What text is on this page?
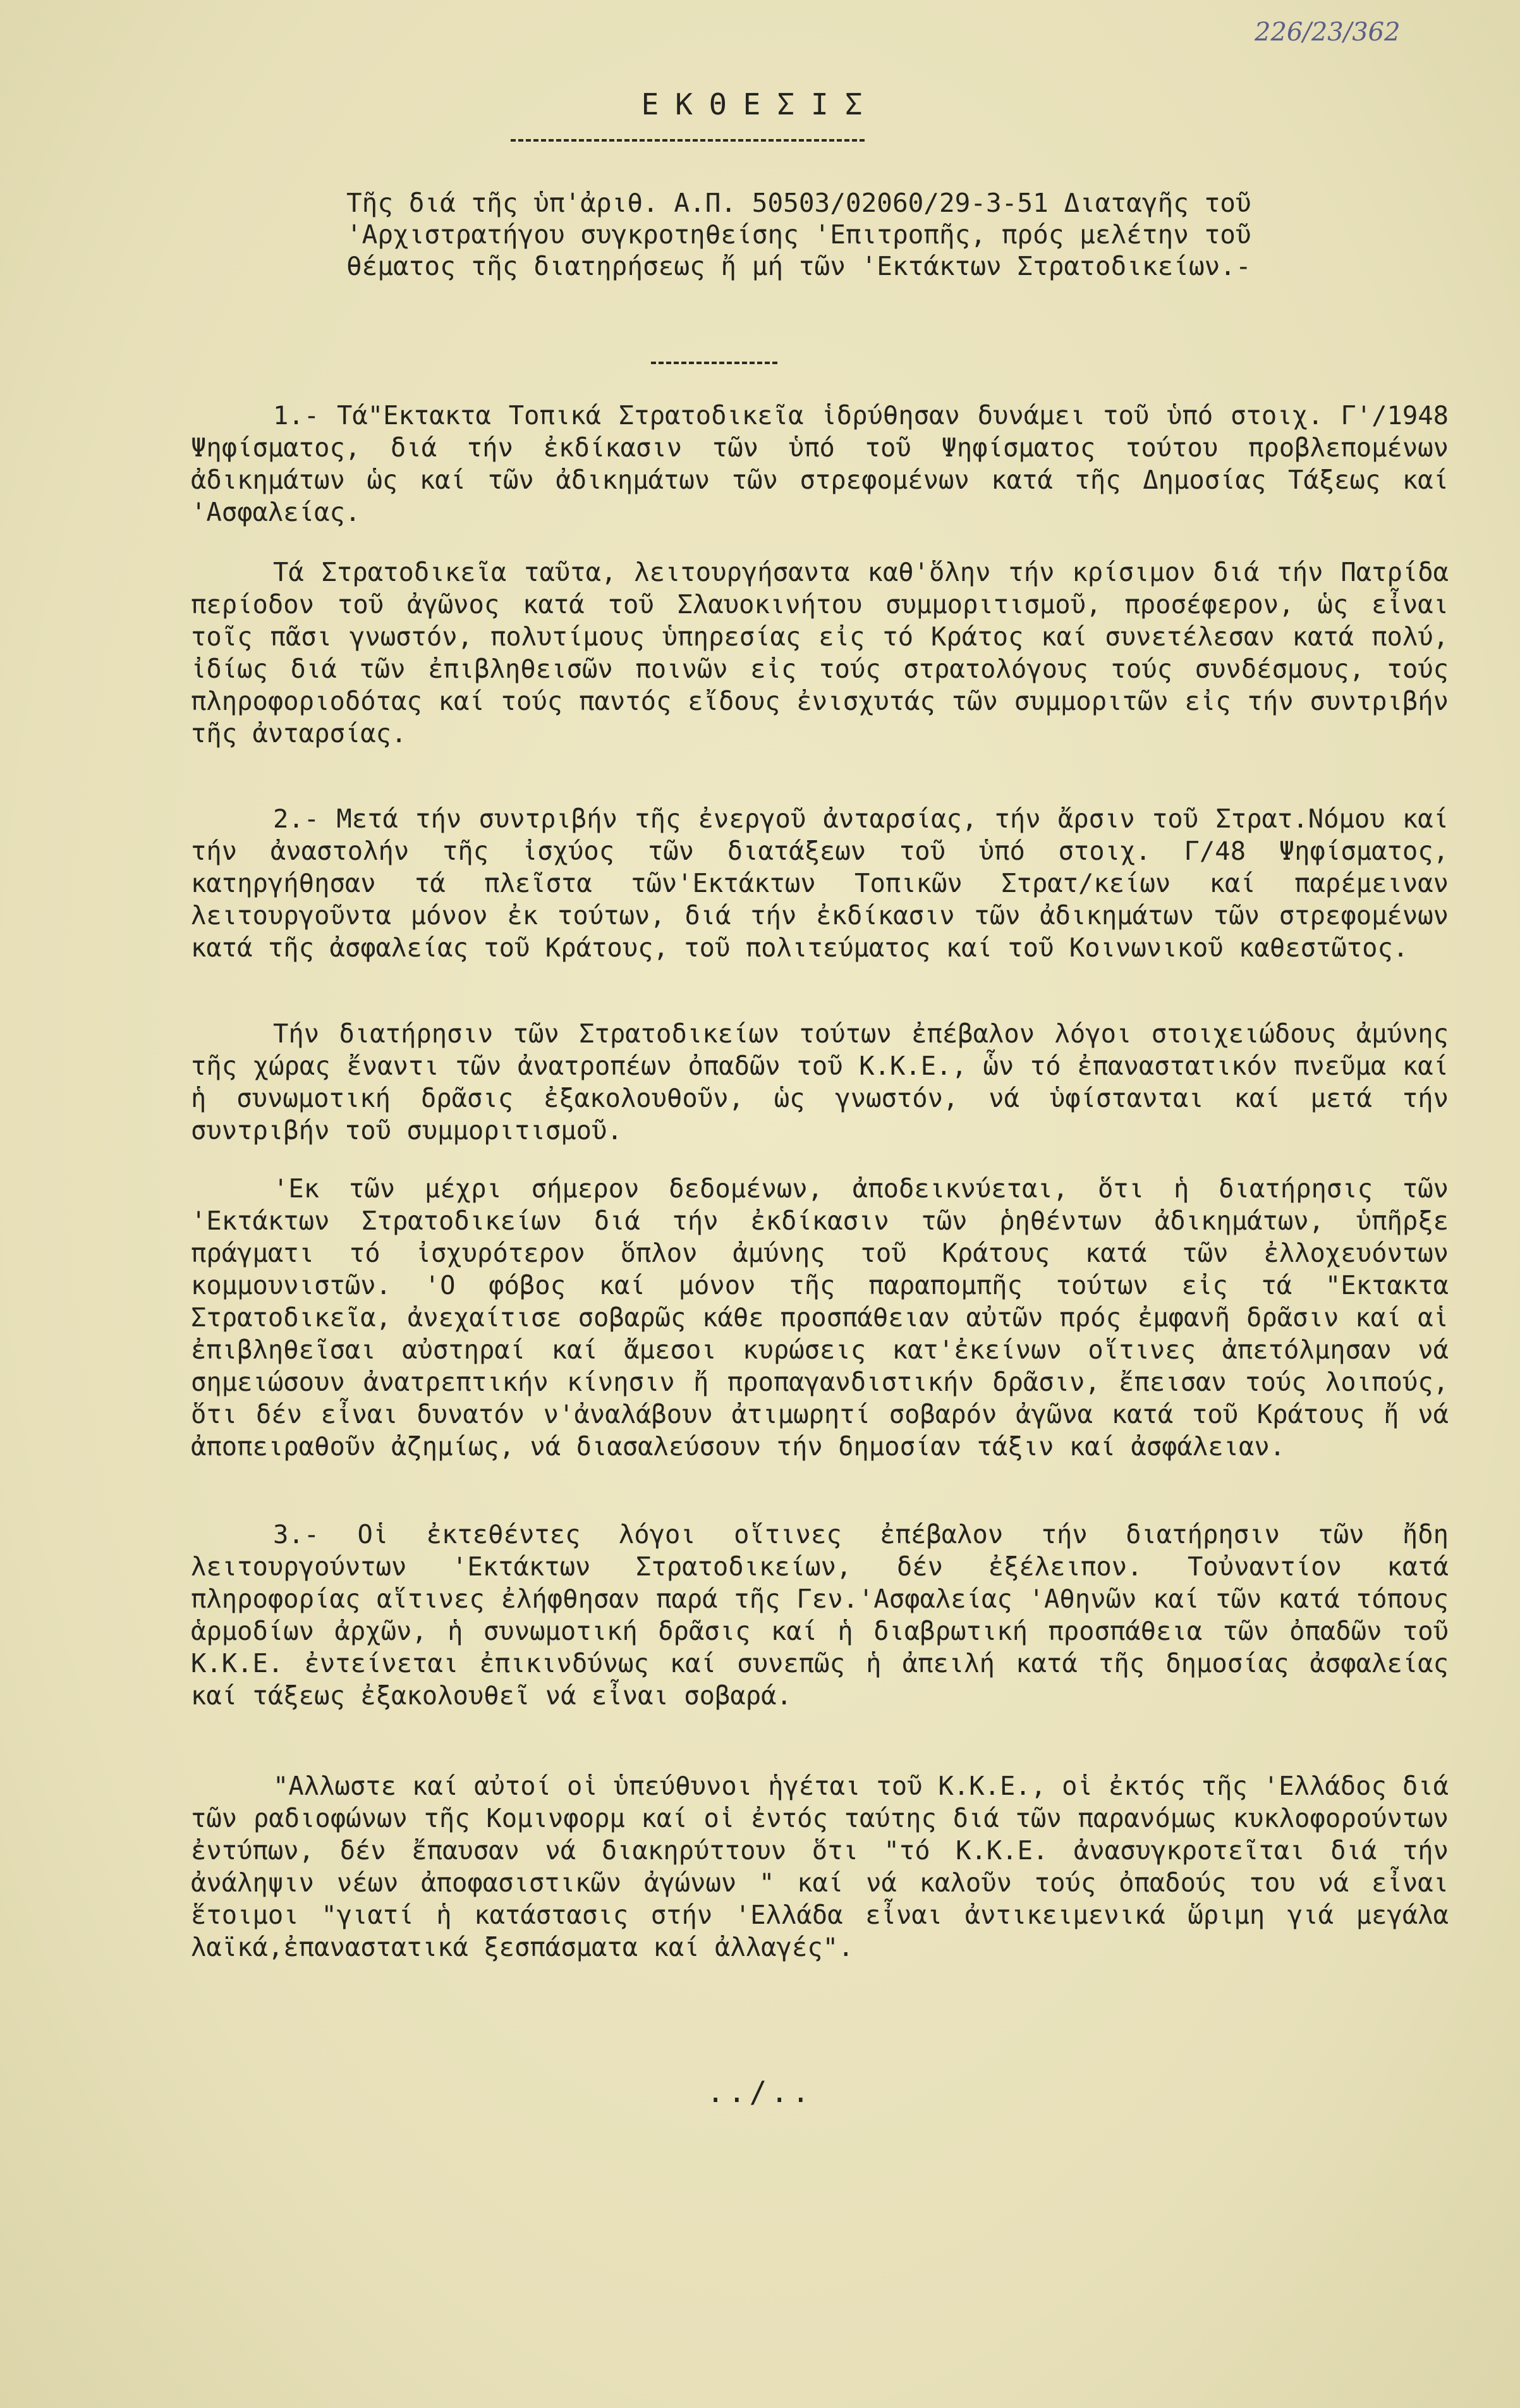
226/23/362
ΕΚΘΕΣΙΣ
Τῆς διά τῆς ὑπ'ἀριθ. Α.Π. 50503/02060/29-3-51 Διαταγῆς τοῦ 'Αρχιστρατήγου συγκροτηθείσης 'Επιτροπῆς, πρός μελέτην τοῦ θέματος τῆς διατηρήσεως ἤ μή τῶν 'Εκτάκτων Στρατοδικείων.-
1.- Τά"Εκτακτα Τοπικά Στρατοδικεῖα ἱδρύθησαν δυνάμει τοῦ ὑπό στοιχ. Γ'/1948 Ψηφίσματος, διά τήν ἐκδίκασιν τῶν ὑπό τοῦ Ψηφίσματος τούτου προβλεπομένων ἀδικημάτων ὡς καί τῶν ἀδικημάτων τῶν στρεφομένων κατά τῆς Δημοσίας Τάξεως καί 'Ασφαλείας.
Τά Στρατοδικεῖα ταῦτα, λειτουργήσαντα καθ'ὅλην τήν κρίσιμον διά τήν Πατρίδα περίοδον τοῦ ἀγῶνος κατά τοῦ Σλαυοκινήτου συμμοριτισμοῦ, προσέφερον, ὡς εἶναι τοῖς πᾶσι γνωστόν, πολυτίμους ὑπηρεσίας εἰς τό Κράτος καί συνετέλεσαν κατά πολύ, ἰδίως διά τῶν ἐπιβληθεισῶν ποινῶν εἰς τούς στρατολόγους τούς συνδέσμους, τούς πληροφοριοδότας καί τούς παντός εἴδους ἐνισχυτάς τῶν συμμοριτῶν εἰς τήν συντριβήν τῆς ἀνταρσίας.
2.- Μετά τήν συντριβήν τῆς ἐνεργοῦ ἀνταρσίας, τήν ἄρσιν τοῦ Στρατ.Νόμου καί τήν ἀναστολήν τῆς ἰσχύος τῶν διατάξεων τοῦ ὑπό στοιχ. Γ/48 Ψηφίσματος, κατηργήθησαν τά πλεῖστα τῶν'Εκτάκτων Τοπικῶν Στρατ/κείων καί παρέμειναν λειτουργοῦντα μόνον ἐκ τούτων, διά τήν ἐκδίκασιν τῶν ἀδικημάτων τῶν στρεφομένων κατά τῆς ἀσφαλείας τοῦ Κράτους, τοῦ πολιτεύματος καί τοῦ Κοινωνικοῦ καθεστῶτος.
Τήν διατήρησιν τῶν Στρατοδικείων τούτων ἐπέβαλον λόγοι στοιχειώδους ἀμύνης τῆς χώρας ἔναντι τῶν ἀνατροπέων ὀπαδῶν τοῦ Κ.Κ.Ε., ὧν τό ἐπαναστατικόν πνεῦμα καί ἡ συνωμοτική δρᾶσις ἐξακολουθοῦν, ὡς γνωστόν, νά ὑφίστανται καί μετά τήν συντριβήν τοῦ συμμοριτισμοῦ.
'Εκ τῶν μέχρι σήμερον δεδομένων, ἀποδεικνύεται, ὅτι ἡ διατήρησις τῶν 'Εκτάκτων Στρατοδικείων διά τήν ἐκδίκασιν τῶν ῥηθέντων ἀδικημάτων, ὑπῆρξε πράγματι τό ἰσχυρότερον ὅπλον ἀμύνης τοῦ Κράτους κατά τῶν ἐλλοχευόντων κομμουνιστῶν. 'Ο φόβος καί μόνον τῆς παραπομπῆς τούτων εἰς τά "Εκτακτα Στρατοδικεῖα, ἀνεχαίτισε σοβαρῶς κάθε προσπάθειαν αὐτῶν πρός ἐμφανῆ δρᾶσιν καί αἱ ἐπιβληθεῖσαι αὐστηραί καί ἄμεσοι κυρώσεις κατ'ἐκείνων οἵτινες ἀπετόλμησαν νά σημειώσουν ἀνατρεπτικήν κίνησιν ἤ προπαγανδιστικήν δρᾶσιν, ἔπεισαν τούς λοιπούς, ὅτι δέν εἶναι δυνατόν ν'ἀναλάβουν ἀτιμωρητί σοβαρόν ἀγῶνα κατά τοῦ Κράτους ἤ νά ἀποπειραθοῦν ἀζημίως, νά διασαλεύσουν τήν δημοσίαν τάξιν καί ἀσφάλειαν.
3.- Οἱ ἐκτεθέντες λόγοι οἵτινες ἐπέβαλον τήν διατήρησιν τῶν ἤδη λειτουργούντων 'Εκτάκτων Στρατοδικείων, δέν ἐξέλειπον. Τοὐναντίον κατά πληροφορίας αἵτινες ἐλήφθησαν παρά τῆς Γεν.'Ασφαλείας 'Αθηνῶν καί τῶν κατά τόπους ἁρμοδίων ἀρχῶν, ἡ συνωμοτική δρᾶσις καί ἡ διαβρωτική προσπάθεια τῶν ὀπαδῶν τοῦ Κ.Κ.Ε. ἐντείνεται ἐπικινδύνως καί συνεπῶς ἡ ἀπειλή κατά τῆς δημοσίας ἀσφαλείας καί τάξεως ἐξακολουθεῖ νά εἶναι σοβαρά.
"Αλλωστε καί αὐτοί οἱ ὑπεύθυνοι ἡγέται τοῦ Κ.Κ.Ε., οἱ ἐκτός τῆς 'Ελλάδος διά τῶν ραδιοφώνων τῆς Κομινφορμ καί οἱ ἐντός ταύτης διά τῶν παρανόμως κυκλοφορούντων ἐντύπων, δέν ἔπαυσαν νά διακηρύττουν ὅτι "τό Κ.Κ.Ε. ἀνασυγκροτεῖται διά τήν ἀνάληψιν νέων ἀποφασιστικῶν ἀγώνων " καί νά καλοῦν τούς ὀπαδούς του νά εἶναι ἕτοιμοι "γιατί ἡ κατάστασις στήν 'Ελλάδα εἶναι ἀντικειμενικά ὥριμη γιά μεγάλα λαϊκά,ἐπαναστατικά ξεσπάσματα καί ἀλλαγές".
../..
